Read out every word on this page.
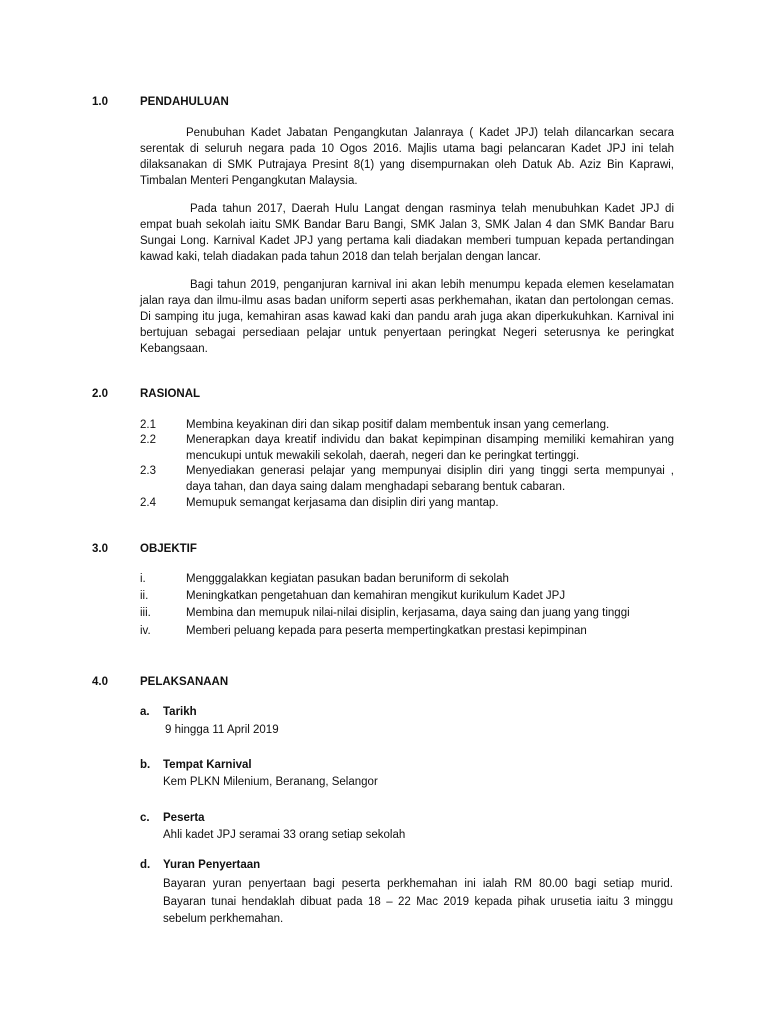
1.0	PENDAHULUAN
Penubuhan Kadet Jabatan Pengangkutan Jalanraya ( Kadet JPJ) telah dilancarkan secara
serentak di seluruh negara pada 10 Ogos 2016. Majlis utama bagi pelancaran Kadet JPJ ini telah
dilaksanakan di SMK Putrajaya Presint 8(1) yang disempurnakan oleh Datuk Ab. Aziz Bin Kaprawi,
Timbalan Menteri Pengangkutan Malaysia.
Pada tahun 2017, Daerah Hulu Langat dengan rasminya telah menubuhkan Kadet JPJ di
empat buah sekolah iaitu SMK Bandar Baru Bangi, SMK Jalan 3, SMK Jalan 4 dan SMK Bandar Baru
Sungai Long. Karnival Kadet JPJ yang pertama kali diadakan memberi tumpuan kepada pertandingan
kawad kaki, telah diadakan pada tahun 2018 dan telah berjalan dengan lancar.
Bagi tahun 2019, penganjuran karnival ini akan lebih menumpu kepada elemen keselamatan
jalan raya dan ilmu-ilmu asas badan uniform seperti asas perkhemahan, ikatan dan pertolongan cemas.
Di samping itu juga, kemahiran asas kawad kaki dan pandu arah juga akan diperkukuhkan. Karnival ini
bertujuan sebagai persediaan pelajar untuk penyertaan peringkat Negeri seterusnya ke peringkat
Kebangsaan.
2.0	RASIONAL
2.1	Membina keyakinan diri dan sikap positif dalam membentuk insan yang cemerlang.
2.2	Menerapkan daya kreatif individu dan bakat kepimpinan disamping memiliki kemahiran yang
mencukupi untuk mewakili sekolah, daerah, negeri dan ke peringkat tertinggi.
2.3	Menyediakan generasi pelajar yang mempunyai disiplin diri yang tinggi serta mempunyai ,
daya tahan, dan daya saing dalam menghadapi sebarang bentuk cabaran.
2.4	Memupuk semangat kerjasama dan disiplin diri yang mantap.
3.0	OBJEKTIF
i.	Mengggalakkan kegiatan pasukan badan beruniform di sekolah
ii.	Meningkatkan pengetahuan dan kemahiran mengikut kurikulum Kadet JPJ
iii.	Membina dan memupuk nilai-nilai disiplin, kerjasama, daya saing dan juang yang tinggi
iv.	Memberi peluang kepada para peserta mempertingkatkan prestasi kepimpinan
4.0	PELAKSANAAN
a. Tarikh
9 hingga 11 April 2019
b. Tempat Karnival
Kem PLKN Milenium, Beranang, Selangor
c. Peserta
Ahli kadet JPJ seramai 33 orang setiap sekolah
d. Yuran Penyertaan
Bayaran yuran penyertaan bagi peserta perkhemahan ini ialah RM 80.00 bagi setiap murid.
Bayaran tunai hendaklah dibuat pada 18 – 22 Mac 2019 kepada pihak urusetia iaitu 3 minggu
sebelum perkhemahan.
